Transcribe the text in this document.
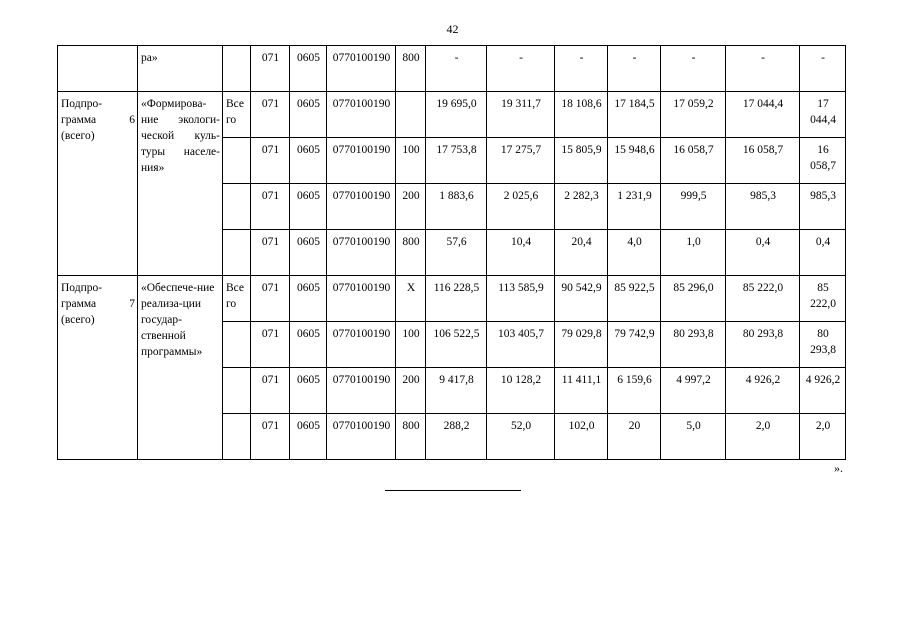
42
	ра»		071	0605	0770100190	800	-	-	-	-	-	-	-
Подпро-грамма 6 (всего)	«Формирова-ние экологи-ческой куль-туры населе-ния»	Все го	071	0605	0770100190		19 695,0	19 311,7	18 108,6	17 184,5	17 059,2	17 044,4	17 044,4
			071	0605	0770100190	100	17 753,8	17 275,7	15 805,9	15 948,6	16 058,7	16 058,7	16 058,7
			071	0605	0770100190	200	1 883,6	2 025,6	2 282,3	1 231,9	999,5	985,3	985,3
			071	0605	0770100190	800	57,6	10,4	20,4	4,0	1,0	0,4	0,4
Подпро-грамма 7 (всего)	«Обеспече-ние реализа-ции государ-ственной программы»	Все го	071	0605	0770100190	Х	116 228,5	113 585,9	90 542,9	85 922,5	85 296,0	85 222,0	85 222,0
			071	0605	0770100190	100	106 522,5	103 405,7	79 029,8	79 742,9	80 293,8	80 293,8	80 293,8
			071	0605	0770100190	200	9 417,8	10 128,2	11 411,1	6 159,6	4 997,2	4 926,2	4 926,2
			071	0605	0770100190	800	288,2	52,0	102,0	20	5,0	2,0	2,0
».
